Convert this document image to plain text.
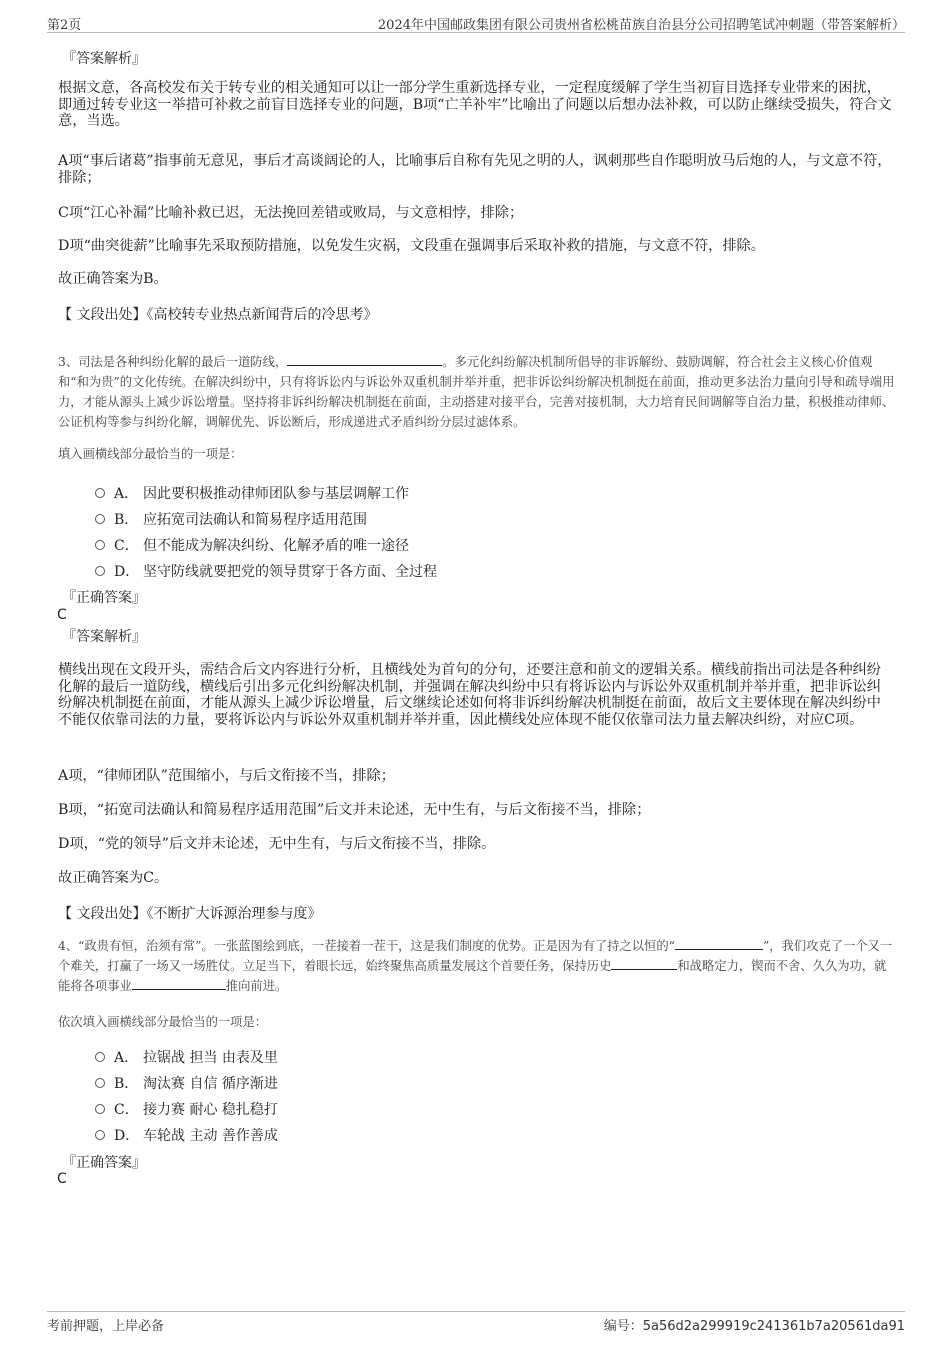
第2页	2024年中国邮政集团有限公司贵州省松桃苗族自治县分公司招聘笔试冲刺题（带答案解析）
『答案解析』
根据文意，各高校发布关于转专业的相关通知可以让一部分学生重新选择专业，一定程度缓解了学生当初盲目选择专业带来的困扰，即通过转专业这一举措可补救之前盲目选择专业的问题，B项“亡羊补牢”比喻出了问题以后想办法补救，可以防止继续受损失，符合文意，当选。
A项“事后诸葛”指事前无意见，事后才高谈阔论的人，比喻事后自称有先见之明的人，讽刺那些自作聪明放马后炮的人，与文意不符，排除；
C项“江心补漏”比喻补救已迟，无法挽回差错或败局，与文意相悖，排除；
D项“曲突徙薪”比喻事先采取预防措施，以免发生灾祸，文段重在强调事后采取补救的措施，与文意不符，排除。
故正确答案为B。
【 文段出处】《高校转专业热点新闻背后的冷思考》
3、司法是各种纠纷化解的最后一道防线，	。多元化纠纷解决机制所倡导的非诉解纷、鼓励调解，符合社会主义核心价值观和“和为贵”的文化传统。在解决纠纷中，只有将诉讼内与诉讼外双重机制并举并重，把非诉讼纠纷解决机制挺在前面，推动更多法治力量向引导和疏导端用力，才能从源头上减少诉讼增量。坚持将非诉纠纷解决机制挺在前面，主动搭建对接平台，完善对接机制，大力培育民间调解等自治力量，积极推动律师、公证机构等参与纠纷化解，调解优先、诉讼断后，形成递进式矛盾纠纷分层过滤体系。
填入画横线部分最恰当的一项是：
A． 因此要积极推动律师团队参与基层调解工作
B． 应拓宽司法确认和简易程序适用范围
C． 但不能成为解决纠纷、化解矛盾的唯一途径
D． 坚守防线就要把党的领导贯穿于各方面、全过程
『正确答案』
C
『答案解析』
横线出现在文段开头，需结合后文内容进行分析，且横线处为首句的分句，还要注意和前文的逻辑关系。横线前指出司法是各种纠纷化解的最后一道防线，横线后引出多元化纠纷解决机制，并强调在解决纠纷中只有将诉讼内与诉讼外双重机制并举并重，把非诉讼纠纷解决机制挺在前面，才能从源头上减少诉讼增量，后文继续论述如何将非诉纠纷解决机制挺在前面，故后文主要体现在解决纠纷中不能仅依靠司法的力量，要将诉讼内与诉讼外双重机制并举并重，因此横线处应体现不能仅依靠司法力量去解决纠纷，对应C项。
A项，“律师团队”范围缩小，与后文衔接不当，排除；
B项，“拓宽司法确认和简易程序适用范围”后文并未论述，无中生有，与后文衔接不当，排除；
D项，“党的领导”后文并未论述，无中生有，与后文衔接不当，排除。
故正确答案为C。
【 文段出处】《不断扩大诉源治理参与度》
4、“政贵有恒，治须有常”。一张蓝图绘到底，一茬接着一茬干，这是我们制度的优势。正是因为有了持之以恒的“	”，我们攻克了一个又一个难关，打赢了一场又一场胜仗。立足当下，着眼长远，始终聚焦高质量发展这个首要任务，保持历史	和战略定力，锲而不舍、久久为功，就能将各项事业	推向前进。
依次填入画横线部分最恰当的一项是：
A． 拉锯战 担当 由表及里
B． 淘汰赛 自信 循序渐进
C． 接力赛 耐心 稳扎稳打
D． 车轮战 主动 善作善成
『正确答案』
C
考前押题，上岸必备	编号：5a56d2a299919c241361b7a20561da91
